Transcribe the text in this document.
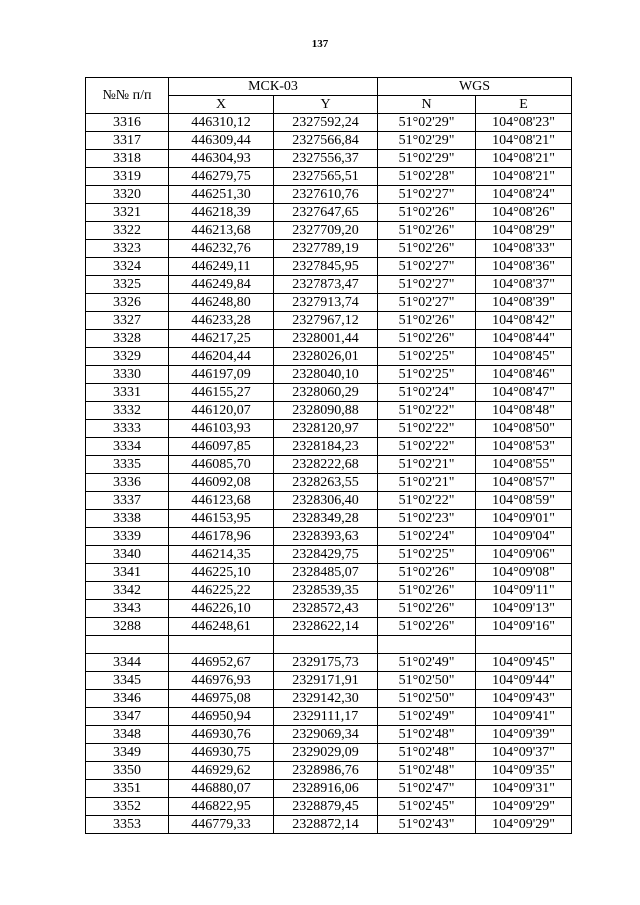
137
№№ п/п	МСК-03		WGS	
	X	Y	N	E
3316	446310,12	2327592,24	51°02'29"	104°08'23"
3317	446309,44	2327566,84	51°02'29"	104°08'21"
3318	446304,93	2327556,37	51°02'29"	104°08'21"
3319	446279,75	2327565,51	51°02'28"	104°08'21"
3320	446251,30	2327610,76	51°02'27"	104°08'24"
3321	446218,39	2327647,65	51°02'26"	104°08'26"
3322	446213,68	2327709,20	51°02'26"	104°08'29"
3323	446232,76	2327789,19	51°02'26"	104°08'33"
3324	446249,11	2327845,95	51°02'27"	104°08'36"
3325	446249,84	2327873,47	51°02'27"	104°08'37"
3326	446248,80	2327913,74	51°02'27"	104°08'39"
3327	446233,28	2327967,12	51°02'26"	104°08'42"
3328	446217,25	2328001,44	51°02'26"	104°08'44"
3329	446204,44	2328026,01	51°02'25"	104°08'45"
3330	446197,09	2328040,10	51°02'25"	104°08'46"
3331	446155,27	2328060,29	51°02'24"	104°08'47"
3332	446120,07	2328090,88	51°02'22"	104°08'48"
3333	446103,93	2328120,97	51°02'22"	104°08'50"
3334	446097,85	2328184,23	51°02'22"	104°08'53"
3335	446085,70	2328222,68	51°02'21"	104°08'55"
3336	446092,08	2328263,55	51°02'21"	104°08'57"
3337	446123,68	2328306,40	51°02'22"	104°08'59"
3338	446153,95	2328349,28	51°02'23"	104°09'01"
3339	446178,96	2328393,63	51°02'24"	104°09'04"
3340	446214,35	2328429,75	51°02'25"	104°09'06"
3341	446225,10	2328485,07	51°02'26"	104°09'08"
3342	446225,22	2328539,35	51°02'26"	104°09'11"
3343	446226,10	2328572,43	51°02'26"	104°09'13"
3288	446248,61	2328622,14	51°02'26"	104°09'16"

3344	446952,67	2329175,73	51°02'49"	104°09'45"
3345	446976,93	2329171,91	51°02'50"	104°09'44"
3346	446975,08	2329142,30	51°02'50"	104°09'43"
3347	446950,94	2329111,17	51°02'49"	104°09'41"
3348	446930,76	2329069,34	51°02'48"	104°09'39"
3349	446930,75	2329029,09	51°02'48"	104°09'37"
3350	446929,62	2328986,76	51°02'48"	104°09'35"
3351	446880,07	2328916,06	51°02'47"	104°09'31"
3352	446822,95	2328879,45	51°02'45"	104°09'29"
3353	446779,33	2328872,14	51°02'43"	104°09'29"
